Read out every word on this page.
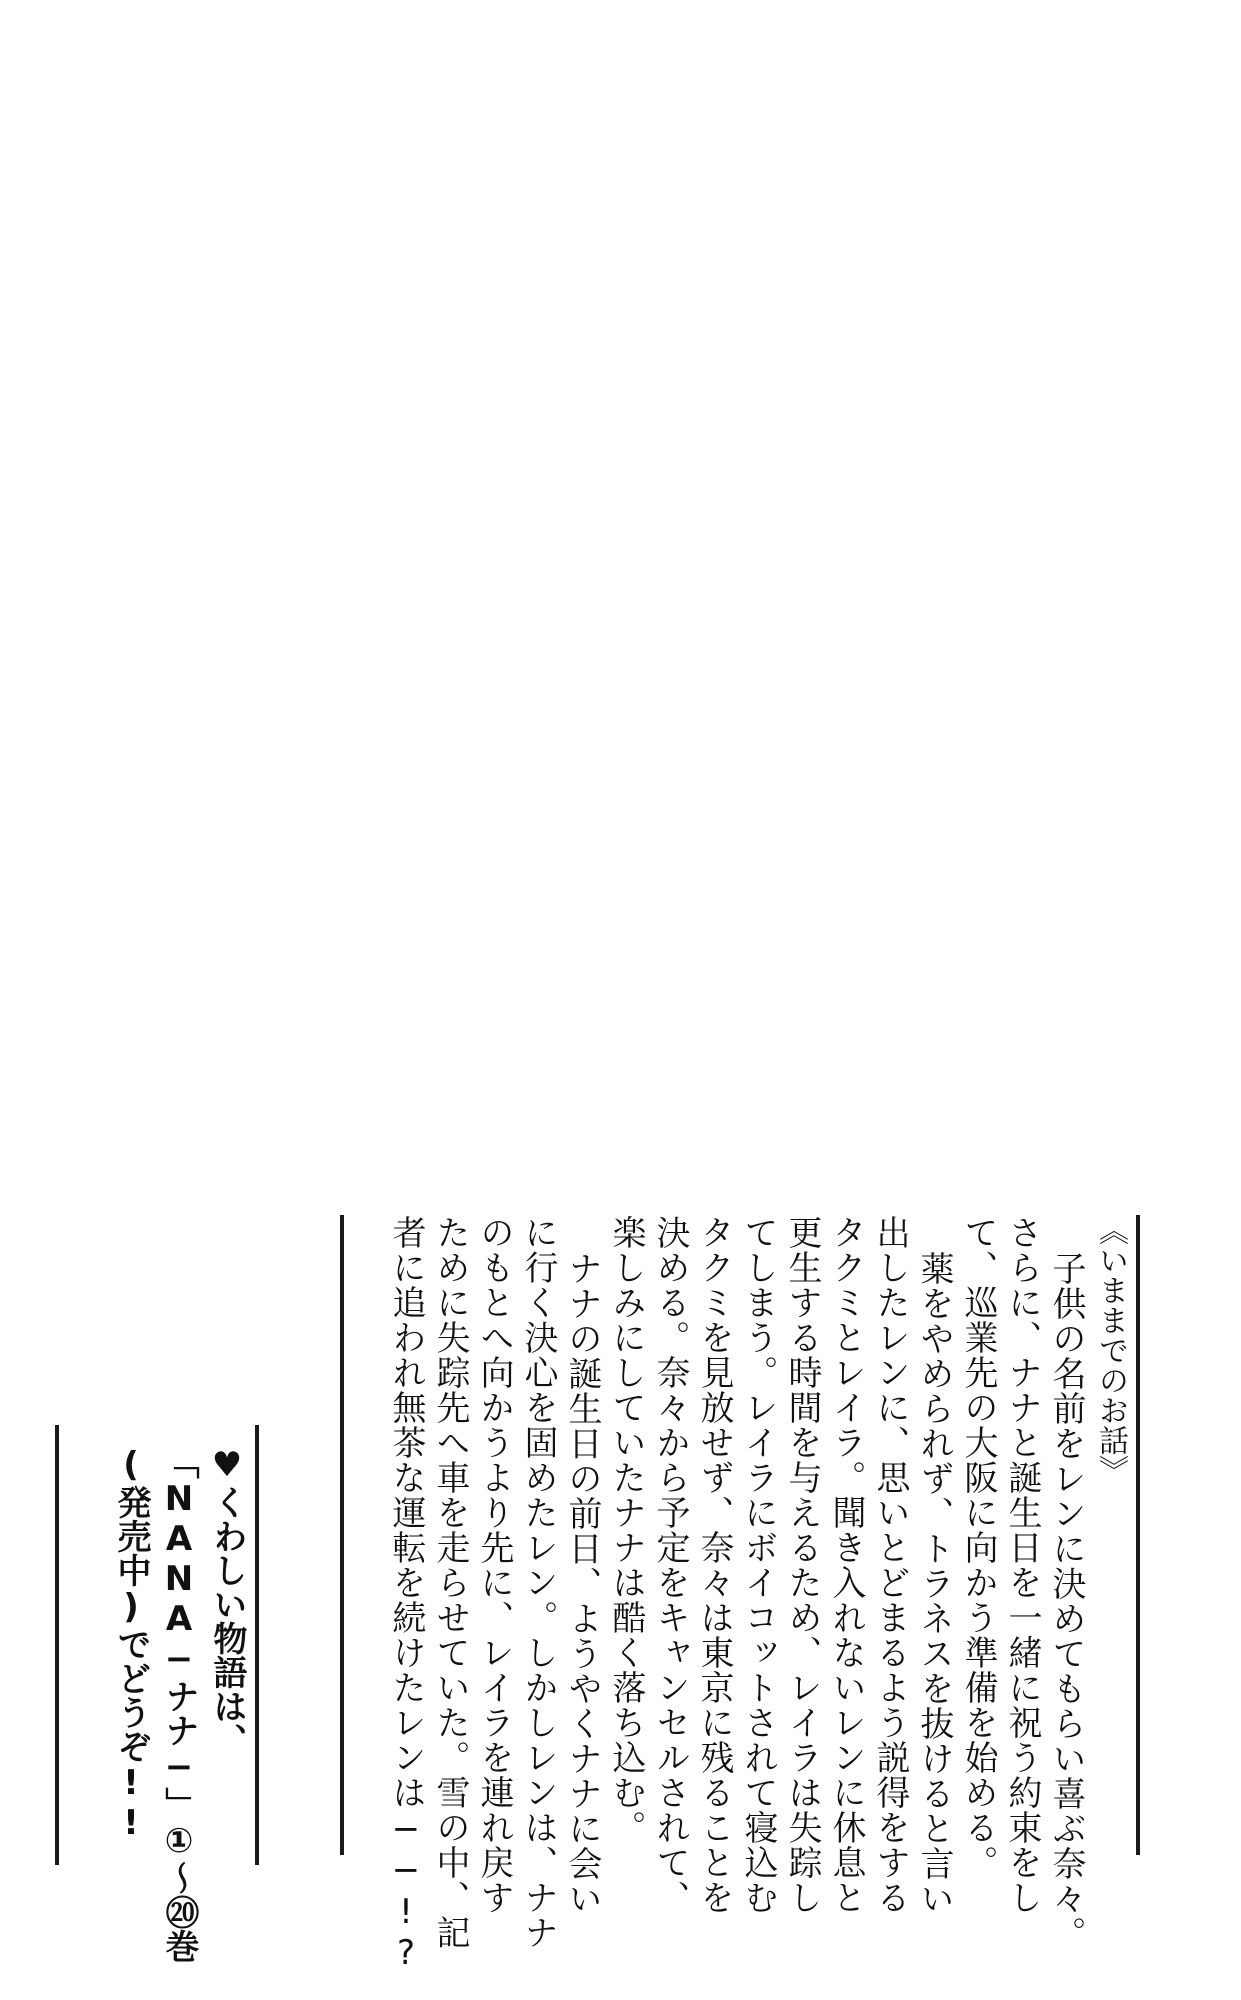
《いままでのお話》
子供の名前をレンに決めてもらい喜ぶ奈々。
さらに、ナナと誕生日を一緒に祝う約束をし
て、巡業先の大阪に向かう準備を始める。
薬をやめられず、トラネスを抜けると言い
出したレンに、思いとどまるよう説得をする
タクミとレイラ。聞き入れないレンに休息と
更生する時間を与えるため、レイラは失踪し
てしまう。レイラにボイコットされて寝込む
タクミを見放せず、奈々は東京に残ることを
決める。奈々から予定をキャンセルされて、
楽しみにしていたナナは酷く落ち込む。
ナナの誕生日の前日、ようやくナナに会い
に行く決心を固めたレン。しかしレンは、ナナ
のもとへ向かうより先に、レイラを連れ戻す
ために失踪先へ車を走らせていた。雪の中、記
者に追われ無茶な運転を続けたレンは──!?
♥くわしい物語は、
「NANA−ナナ−」①〜⑳巻
(発売中)でどうぞ!!
